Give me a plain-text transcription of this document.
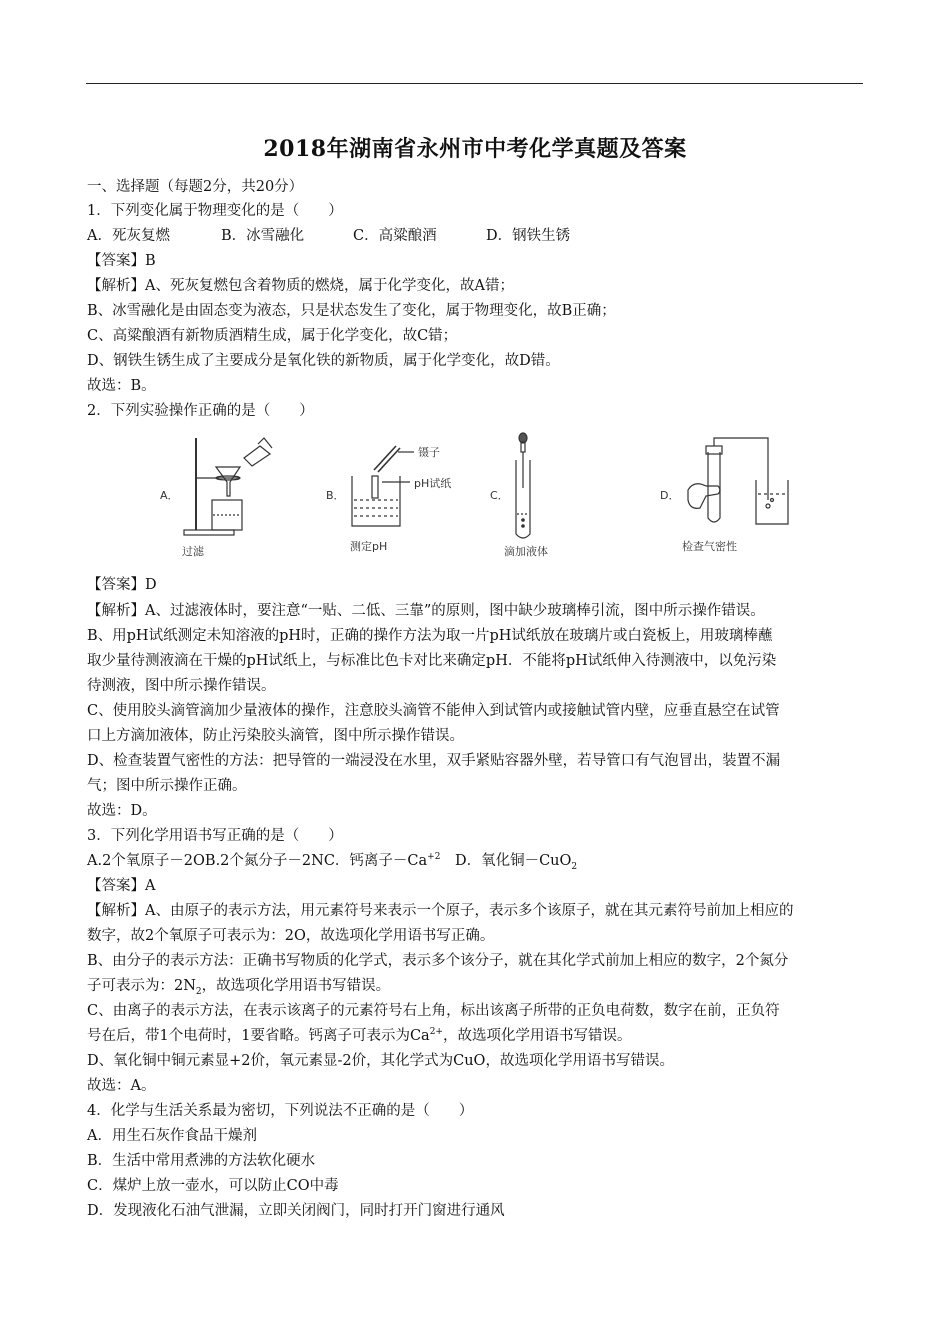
2018年湖南省永州市中考化学真题及答案
一、选择题（每题2分，共20分）
1．下列变化属于物理变化的是（　　）
A．死灰复燃	B．冰雪融化	C．高粱酿酒	D．钢铁生锈
【答案】B
【解析】A、死灰复燃包含着物质的燃烧，属于化学变化，故A错；
B、冰雪融化是由固态变为液态，只是状态发生了变化，属于物理变化，故B正确；
C、高粱酿酒有新物质酒精生成，属于化学变化，故C错；
D、钢铁生锈生成了主要成分是氧化铁的新物质，属于化学变化，故D错。
故选：B。
2．下列实验操作正确的是（　　）
A．
过滤
B．
镊子
pH试纸
测定pH
C．
滴加液体
D．
检查气密性
【答案】D
【解析】A、过滤液体时，要注意“一贴、二低、三靠”的原则，图中缺少玻璃棒引流，图中所示操作错误。
B、用pH试纸测定未知溶液的pH时，正确的操作方法为取一片pH试纸放在玻璃片或白瓷板上，用玻璃棒蘸
取少量待测液滴在干燥的pH试纸上，与标准比色卡对比来确定pH．不能将pH试纸伸入待测液中，以免污染
待测液，图中所示操作错误。
C、使用胶头滴管滴加少量液体的操作，注意胶头滴管不能伸入到试管内或接触试管内壁，应垂直悬空在试管
口上方滴加液体，防止污染胶头滴管，图中所示操作错误。
D、检查装置气密性的方法：把导管的一端浸没在水里，双手紧贴容器外壁，若导管口有气泡冒出，装置不漏
气；图中所示操作正确。
故选：D。
3．下列化学用语书写正确的是（　　）
A.2个氧原子－2OB.2个氮分子－2NC．钙离子$-Ca^{+2}$　 D．氧化铜－CuO$_2$
【答案】A
【解析】A、由原子的表示方法，用元素符号来表示一个原子，表示多个该原子，就在其元素符号前加上相应的
数字，故2个氧原子可表示为：2O，故选项化学用语书写正确。
B、由分子的表示方法：正确书写物质的化学式，表示多个该分子，就在其化学式前加上相应的数字，2个氮分
子可表示为：$2N_2$，故选项化学用语书写错误。
C、由离子的表示方法，在表示该离子的元素符号右上角，标出该离子所带的正负电荷数，数字在前，正负符
号在后，带1个电荷时，1要省略。钙离子可表示为$Ca^{2+}$，故选项化学用语书写错误。
D、氧化铜中铜元素显+2价，氧元素显-2价，其化学式为CuO，故选项化学用语书写错误。
故选：A。
4．化学与生活关系最为密切，下列说法不正确的是（　　）
A．用生石灰作食品干燥剂
B．生活中常用煮沸的方法软化硬水
C．煤炉上放一壶水，可以防止CO中毒
D．发现液化石油气泄漏，立即关闭阀门，同时打开门窗进行通风
